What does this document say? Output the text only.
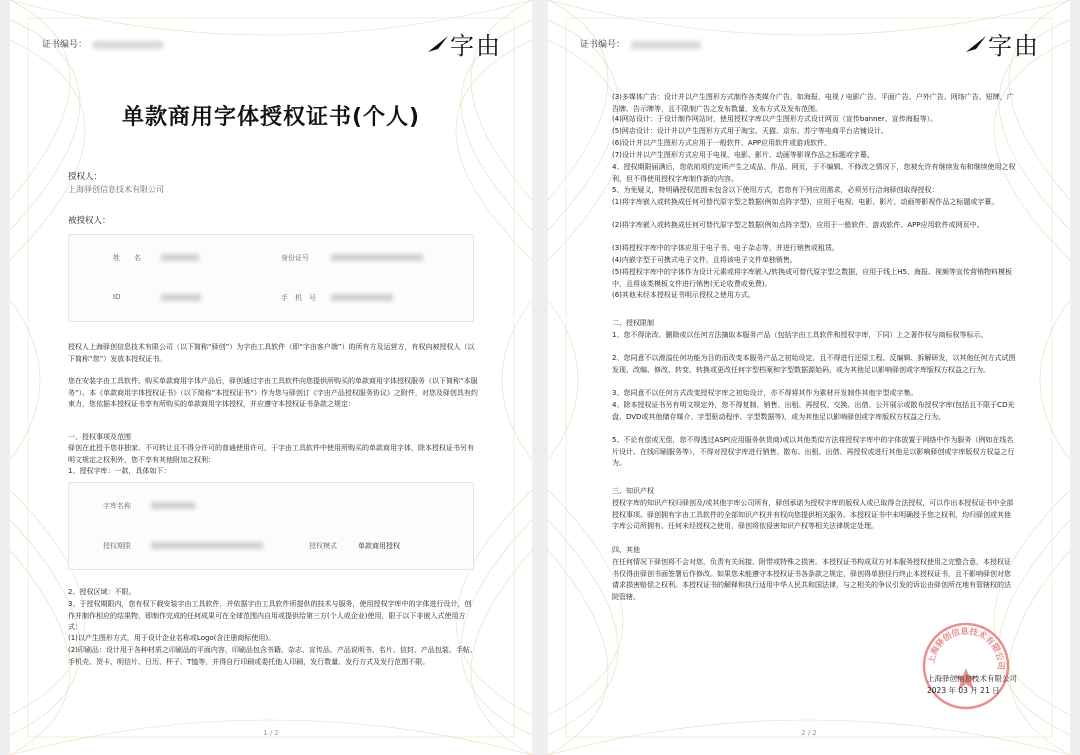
证书编号：	字由
单款商用字体授权证书(个人)
授权人：
上海驿创信息技术有限公司
被授权人：
姓　　名	身份证号
ID	手　机　号
授权人上海驿创信息技术有限公司（以下简称“驿创”）为字由工具软件（即“字由客户端”）的所有方及运营方，有权向被授权人（以下简称“您”）发放本授权证书。
您在安装字由工具软件、购买单款商用字体产品后，驿创通过字由工具软件向您提供所购买的单款商用字体授权服务（以下简称“本服务”）。本《单款商用字体授权证书》（以下简称“本授权证书”）作为您与驿创订《字由产品授权服务协议》之附件，对您及驿创具有约束力，您依据本授权证书享有所购买的单款商用字体授权，并应遵守本授权证书条款之规定：
一、授权事项及范围
驿创在此授予您非独家、不可转让且不得分许可的普通使用许可，于字由工具软件中使用所购买的单款商用字体，除本授权证书另有明文规定之权利外，您不享有其他附加之权利：
1、授权字库：一款，具体如下：
字库名称
授权期限	授权模式	单款商用授权
2、授权区域：不限。
3、于授权期限内，您有权下载安装字由工具软件，并依据字由工具软件所提供的技术与服务，使用授权字库中的字体进行设计，创作并制作相应的结果物，即制作完成的任何成果可在全球范围内自用或提供给第三方(个人或企业)使用，限于以下非嵌入式使用方式：
(1)以产生图形方式，用于设计企业名称或Logo(含注册商标使用)。
(2)印刷品：设计用于各种材质之印刷品的平面内容，印刷品包含书籍、杂志、宣传品、产品说明书、名片、信封、产品包装、手帖、手机壳、贺卡、明信片、日历、杯子、T恤等，并得自行印刷或委托他人印刷，发行数量、发行方式及发行范围不限。
1 / 2
证书编号：	字由
(3)多媒体广告：设计并以产生图形方式制作各类媒介广告，如海报、电视 / 电影广告、平面广告、户外广告、网络广告、短牌，广告牌、告示牌等，且不限制广告之发布数量、发布方式及发布范围。
(4)网站设计：于设计制作网站时，使用授权字库以产生图形方式设计网页（宣传banner、宣传海报等）。
(5)网店设计：设计并以产生图形方式用于淘宝、天猫、京东、苏宁等电商平台店铺设计。
(6)设计并以产生图形方式应用于一般软件、APP应用软件或游戏软件。
(7)设计并以产生图形方式应用于电视、电影、影片、动画等影视作品之标题或字幕。
4、授权期限届满后，您依前项约定所产生之成品、作品、网页，于不编辑、不修改之情况下，您被允许有继续发布和继续使用之权利，但不得使用授权字库制作新的内容。
5、为免疑义，特明确授权范围未包含以下使用方式，若您有下列应用需求，必须另行洽询驿创取得授权：
(1)将字库嵌入或转换成任何可替代原字型之数据(例如点阵字型)，应用于电视、电影、影片、动画等影视作品之标题或字幕。
(2)将字库嵌入或转换成任何可替代原字型之数据(例如点阵字型)，应用于一般软件、游戏软件、APP应用软件或网页中。
(3)将授权字库中的字体应用于电子书、电子杂志等，并进行销售或租赁。
(4)内嵌字型于可携式电子文件，且将该电子文件单独销售。
(5)将授权字库中的字体作为设计元素或将字库嵌入/转换成可替代原字型之数据，应用于线上H5、海报、视频等宣传营销物料模板中，且将该类模板文件进行销售(无论收费或免费)。
(6)其他未经本授权证书明示授权之使用方式。
二、授权限制
1、您不得涂改、删除或以任何方法摘取本服务产品（包括字由工具软件和授权字库，下同）上之著作权与商标权等标示。
2、您同意不以滑溢任何功能为目的而改变本服务产品之初始设定，且不得进行还原工程、反编辑、拆解研发，以其他任何方式试图发现、改编、修改、转变、转换或更改任何字型档案和字型数据源始码，或为其他足以影响驿创或字库版权方权益之行为。
3、您同意不以任何方式改变授权字库之初始设计，亦不得将其作为素材开发制作其他字型或字集。
4、除本授权证书另有明文规定外，您不得复制、销售、出租、再授权、交换、出借、公开展示或散布授权字库(包括且不限于CD光盘、DVD或其他储存媒介、字型驱动程序、字型数据等)，或为其他足以影响驿创或字库版权方权益之行为。
5、不论有偿或无偿，您不得透过ASP(应用服务供货商)或以其他类似方法将授权字库中的字体放置于网络中作为服务（例如在线名片设计、在线印刷服务等），不得对授权字库进行销售、散布、出租、出借、再授权或进行其他足以影响驿创或字库版权方权益之行为。
三、知识产权
授权字库的知识产权归驿创及/或其他字库公司所有，驿创承诺为授权字库的版权人或已取得合法授权，可以作出本授权证书中全部授权事项。驿创拥有字由工具软件的全部知识产权并有权向您提供相关服务。本授权证书中未明确授予您之权利，均归驿创或其他字库公司所拥有。任何未经授权之使用，驿创将依侵害知识产权等相关法律规定处理。
四、其他
在任何情况下驿创将不会对您，负责有关间接、附带或特殊之损害。本授权证书构成双方对本服务授权使用之完整合意，本授权证书仅得由驿创书面签署后作修改。如果您未能遵守本授权证书各条款之规定，驿创得单独径行终止本授权证书，且不影响驿创对您请求损害赔偿之权利。本授权证书的解释和执行适用中华人民共和国法律，与之相关的争议引发的诉讼由驿创所在地有管辖权的法院管辖。
上海驿创信息技术有限公司
上海驿创信息技术有限公司
2023 年 03 月 21 日
2 / 2
